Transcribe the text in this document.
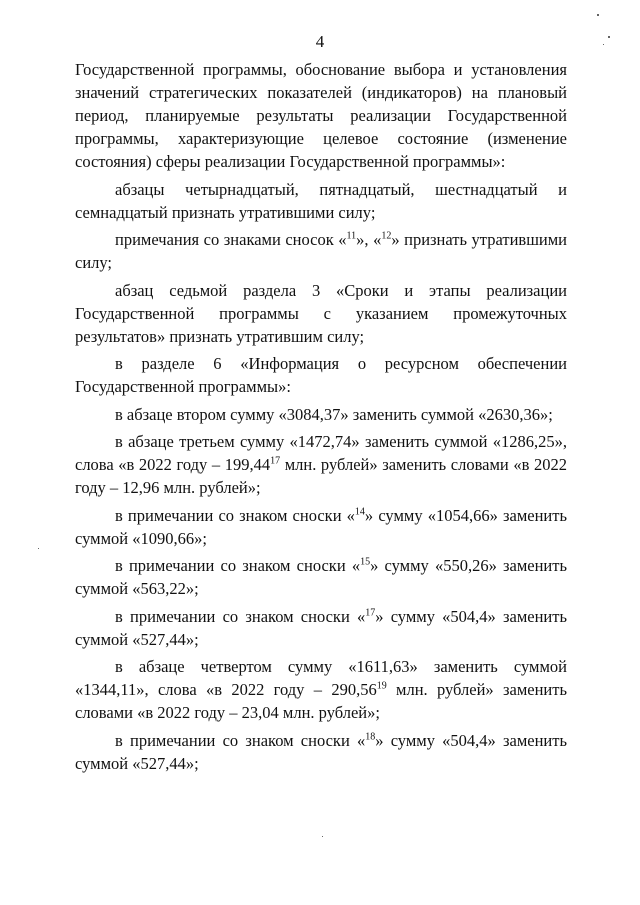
4

Государственной программы, обоснование выбора и установления значений стратегических показателей (индикаторов) на плановый период, планируемые результаты реализации Государственной программы, характеризующие целевое состояние (изменение состояния) сферы реализации Государственной программы»:

абзацы четырнадцатый, пятнадцатый, шестнадцатый и семнадцатый признать утратившими силу;

примечания со знаками сносок «$^{11}$», «$^{12}$» признать утратившими силу;

абзац седьмой раздела 3 «Сроки и этапы реализации Государственной программы с указанием промежуточных результатов» признать утратившим силу;

в разделе 6 «Информация о ресурсном обеспечении Государственной программы»:

в абзаце втором сумму «3084,37» заменить суммой «2630,36»;

в абзаце третьем сумму «1472,74» заменить суммой «1286,25», слова «в 2022 году – 199,44$^{17}$ млн. рублей» заменить словами «в 2022 году – 12,96 млн. рублей»;

в примечании со знаком сноски «$^{14}$» сумму «1054,66» заменить суммой «1090,66»;

в примечании со знаком сноски «$^{15}$» сумму «550,26» заменить суммой «563,22»;

в примечании со знаком сноски «$^{17}$» сумму «504,4» заменить суммой «527,44»;

в абзаце четвертом сумму «1611,63» заменить суммой «1344,11», слова «в 2022 году – 290,56$^{19}$ млн. рублей» заменить словами «в 2022 году – 23,04 млн. рублей»;

в примечании со знаком сноски «$^{18}$» сумму «504,4» заменить суммой «527,44»;
